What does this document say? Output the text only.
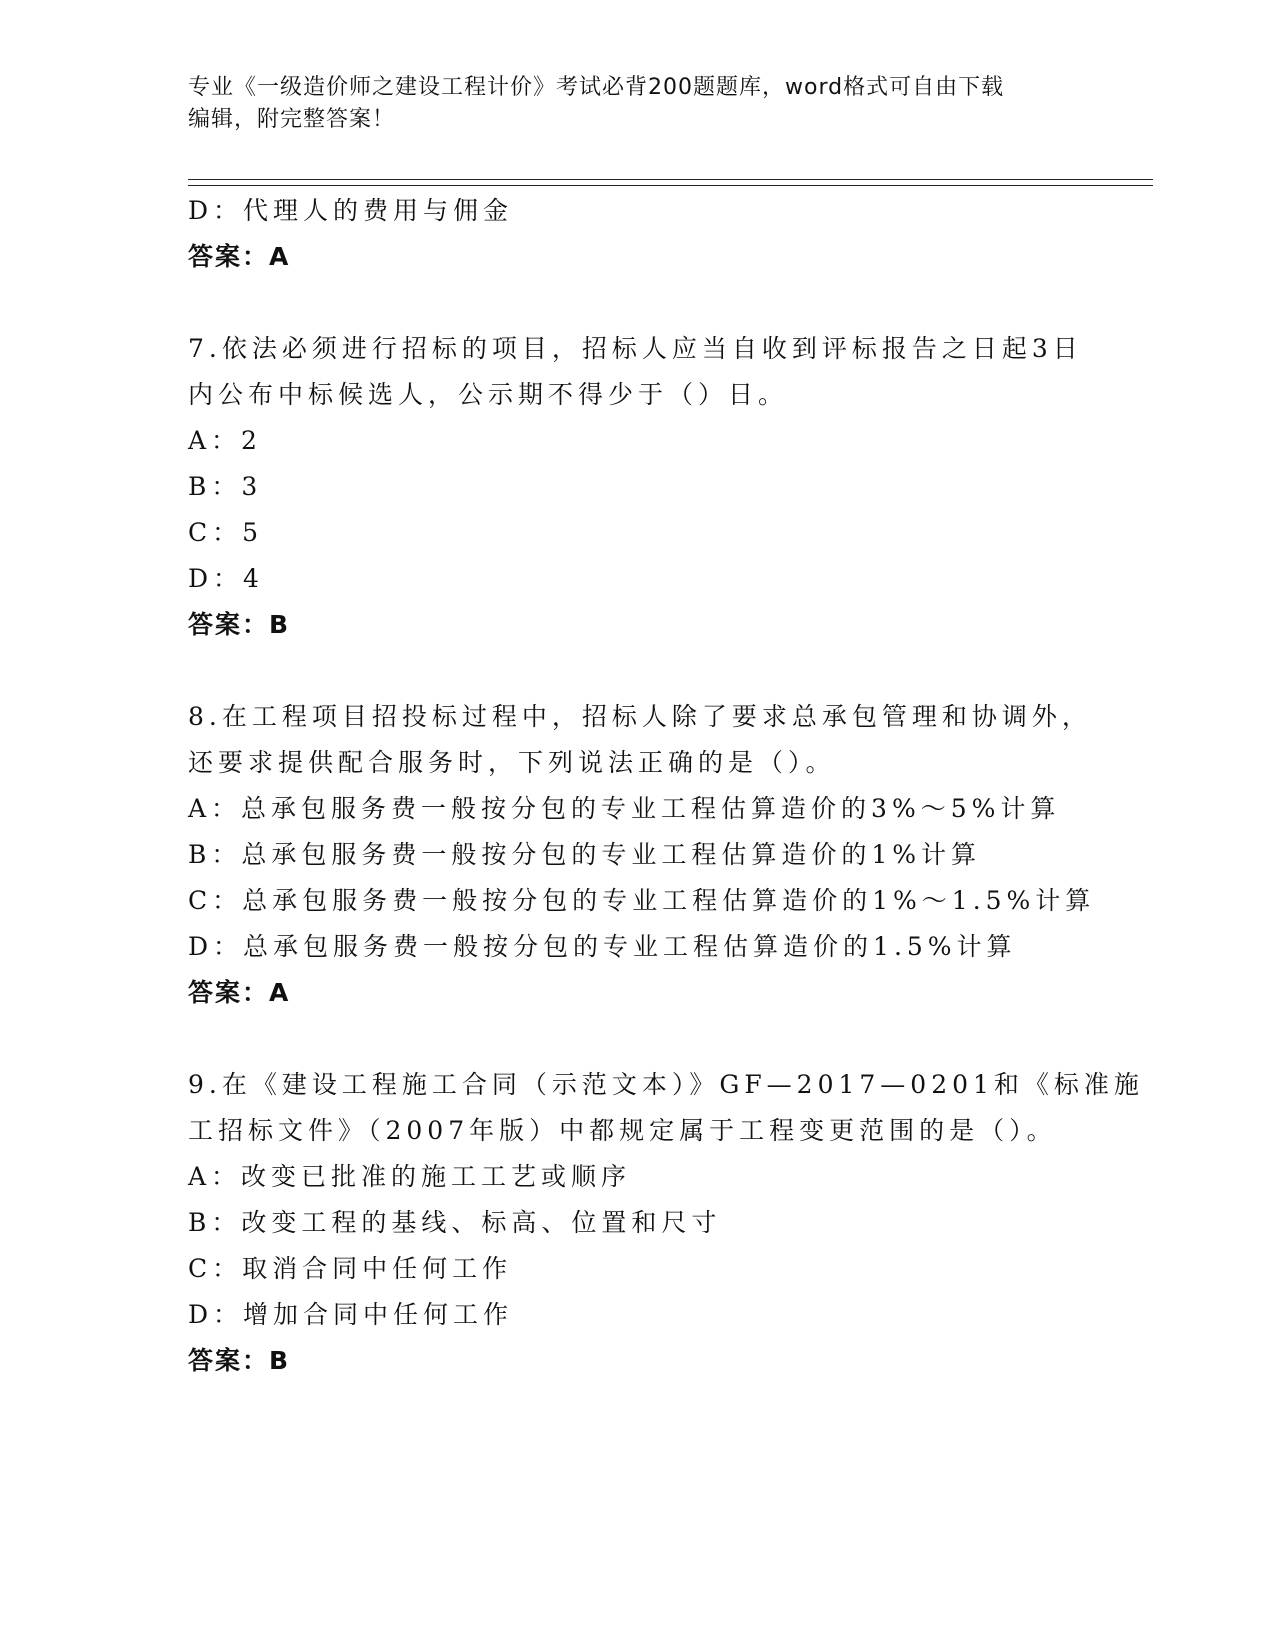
专业《一级造价师之建设工程计价》考试必背200题题库，word格式可自由下载
编辑，附完整答案！
D：代理人的费用与佣金
答案：A
7.依法必须进行招标的项目，招标人应当自收到评标报告之日起3日
内公布中标候选人，公示期不得少于（）日。
A：2
B：3
C：5
D：4
答案：B
8.在工程项目招投标过程中，招标人除了要求总承包管理和协调外，
还要求提供配合服务时，下列说法正确的是（）。
A：总承包服务费一般按分包的专业工程估算造价的3%～5%计算
B：总承包服务费一般按分包的专业工程估算造价的1%计算
C：总承包服务费一般按分包的专业工程估算造价的1%～1.5%计算
D：总承包服务费一般按分包的专业工程估算造价的1.5%计算
答案：A
9.在《建设工程施工合同（示范文本）》GF—2017—0201和《标准施
工招标文件》（2007年版）中都规定属于工程变更范围的是（）。
A：改变已批准的施工工艺或顺序
B：改变工程的基线、标高、位置和尺寸
C：取消合同中任何工作
D：增加合同中任何工作
答案：B
